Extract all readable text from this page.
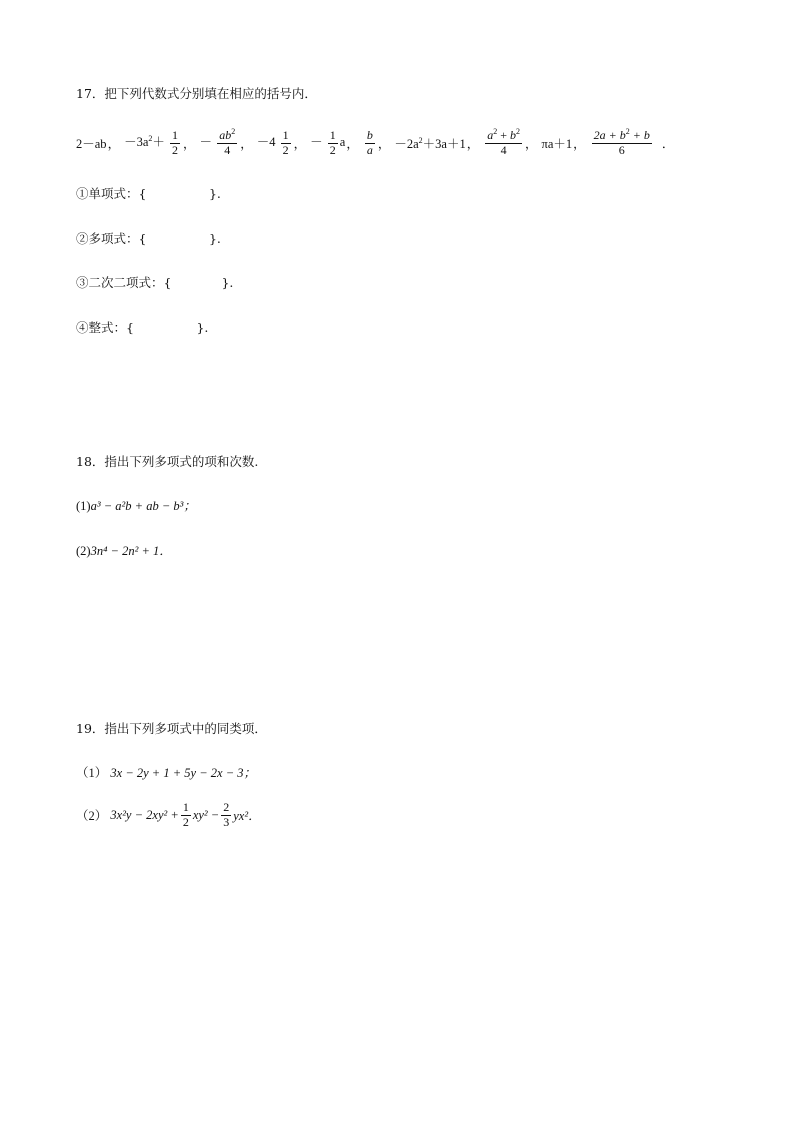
17．把下列代数式分别填在相应的括号内．
2－ab ， $-3a^2+ \frac{1}{2}$ ， － $\frac{ab^2}{4}$ ， $-4 \frac{1}{2}$ ， － $\frac{1}{2}$ a ， $\frac{b}{a}$ ， $-2a^2+3a+1$ ， $\frac{a^2 + b^2}{4}$ ， πa＋1 ， $\frac{2a + b^2 + b}{6}$ ．
①单项式：{　　　　　}.
②多项式：{　　　　　}.
③二次二项式：{　　　　}.
④整式：{　　　　　}.
18．指出下列多项式的项和次数.
(1)a³ − a²b + ab − b³；
(2)3n⁴ − 2n² + 1．
19．指出下列多项式中的同类项．
（1） 3x − 2y + 1 + 5y − 2x − 3；
（2）
$3x^2y - 2xy^2 + \frac{1}{2} xy^2 - \frac{2}{3} yx^2$．
